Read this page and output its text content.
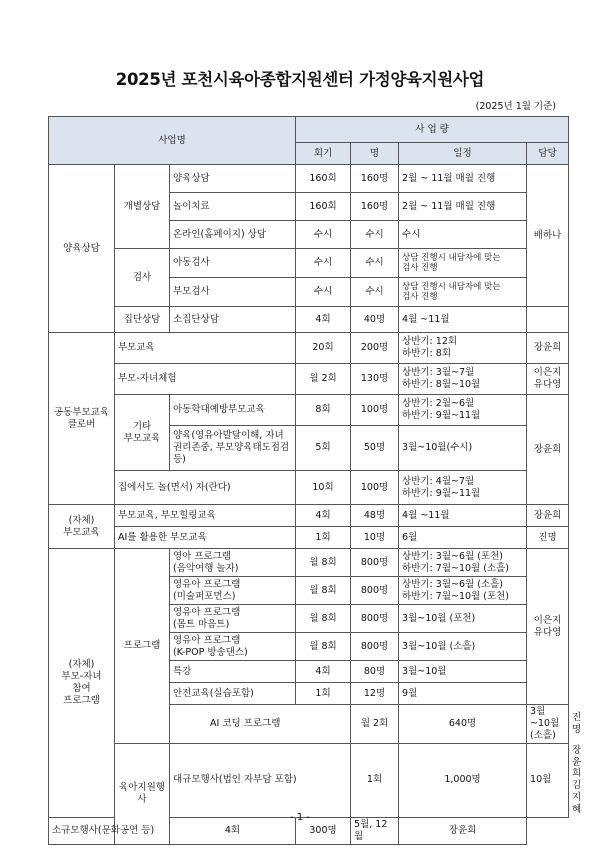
2025년 포천시육아종합지원센터 가정양육지원사업
(2025년 1월 기준)
사업명			사 업 량				
			회기	명	일정	담당	
양육상담	개별상담	양육상담	160회	160명	2월 ~ 11월 매월 진행	배하나	
		놀이치료	160회	160명	2월 ~ 11월 매월 진행		
		온라인(홈페이지) 상담	수시	수시	수시		
	검사	아동검사	수시	수시	상담 진행시 내담자에 맞는
검사 진행		
		부모검사	수시	수시	상담 진행시 내담자에 맞는
검사 진행		
	집단상담	소집단상담	4회	40명	4월 ~11월		
공동부모교육
클로버	부모교육		20회	200명	상반기: 12회
하반기: 8회	장윤희	
	부모-자녀체험		월 2회	130명	상반기: 3월~7월
하반기: 8월~10월	이은지
유다영	
	기타
부모교육	아동학대예방부모교육	8회	100명	상반기: 2월~6월
하반기: 9월~11월	장윤희	
		양육(영유아발달이해, 자녀
권리존중, 부모양육태도점검
등)	5회	50명	3월~10월(수시)		
	집에서도 놀(면서) 자(란다)		10회	100명	상반기: 4월~7월
하반기: 9월~11월		
(자체)
부모교육	부모교육, 부모힐링교육		4회	48명	4월 ~11월	장윤희	
	AI를 활용한 부모교육		1회	10명	6월	진명	
(자체)
부모-자녀
참여
프로그램	프로그램	영아 프로그램
(음악여행 놀자)	월 8회	800명	상반기: 3월~6월 (포천)
하반기: 7월~10월 (소흘)	이은지
유다영	
		영유아 프로그램
(미술퍼포먼스)	월 8회	800명	상반기: 3월~6월 (소흘)
하반기: 7월~10월 (포천)		
		영유아 프로그램
(몸트 마음트)	월 8회	800명	3월~10월 (포천)		
		영유아 프로그램
(K-POP 방송댄스)	월 8회	800명	3월~10월 (소흘)		
		특강	4회	80명	3월~10월		
		안전교육(실습포함)	1회	12명	9월		
		AI 코딩 프로그램		월 2회	640명	3월~10월 (소흘)	진명
	육아지원행사	대규모행사(법인 자부담 포함)		1회	1,000명	10월	장윤희
김지혜
소규모행사(문화공연 등)		4회	300명	5월, 12월	장윤희		
- 1 -
